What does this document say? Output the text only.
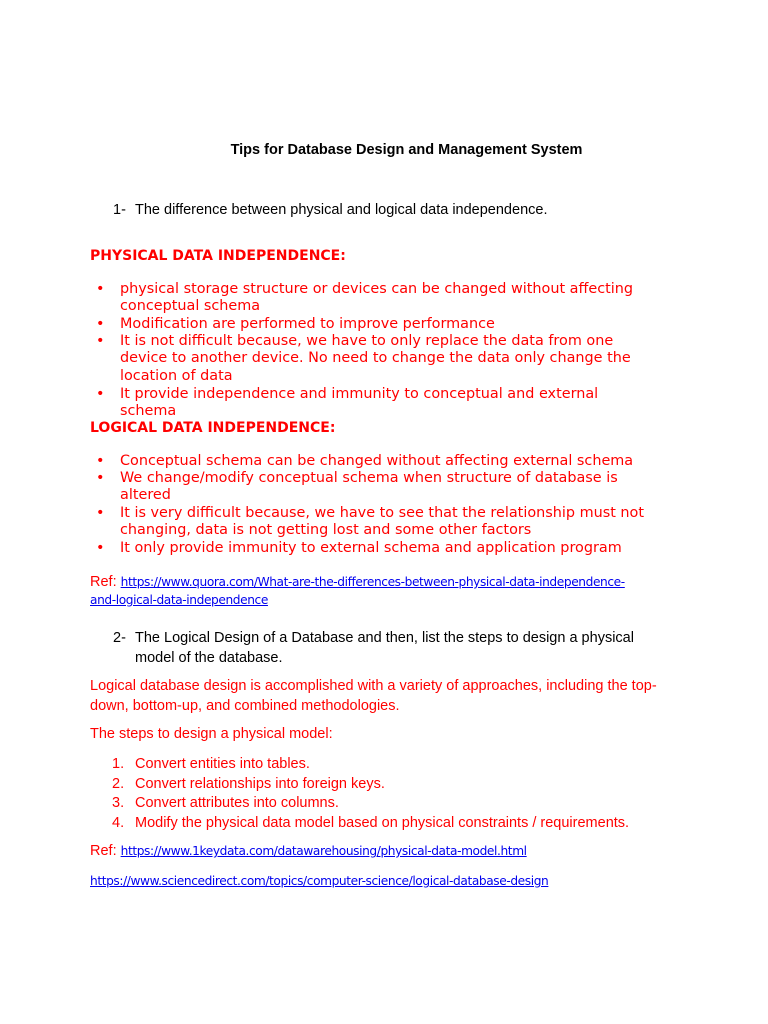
Tips for Database Design and Management System
1- The difference between physical and logical data independence.
PHYSICAL DATA INDEPENDENCE:
• physical storage structure or devices can be changed without affecting
conceptual schema
• Modification are performed to improve performance
• It is not difficult because, we have to only replace the data from one
device to another device. No need to change the data only change the
location of data
• It provide independence and immunity to conceptual and external
schema
LOGICAL DATA INDEPENDENCE:
• Conceptual schema can be changed without affecting external schema
• We change/modify conceptual schema when structure of database is
altered
• It is very difficult because, we have to see that the relationship must not
changing, data is not getting lost and some other factors
• It only provide immunity to external schema and application program
Ref: https://www.quora.com/What-are-the-differences-between-physical-data-independence-
and-logical-data-independence
2- The Logical Design of a Database and then, list the steps to design a physical model of the database.
Logical database design is accomplished with a variety of approaches, including the top-down, bottom-up, and combined methodologies.
The steps to design a physical model:
1. Convert entities into tables.
2. Convert relationships into foreign keys.
3. Convert attributes into columns.
4. Modify the physical data model based on physical constraints / requirements.
Ref: https://www.1keydata.com/datawarehousing/physical-data-model.html
https://www.sciencedirect.com/topics/computer-science/logical-database-design
